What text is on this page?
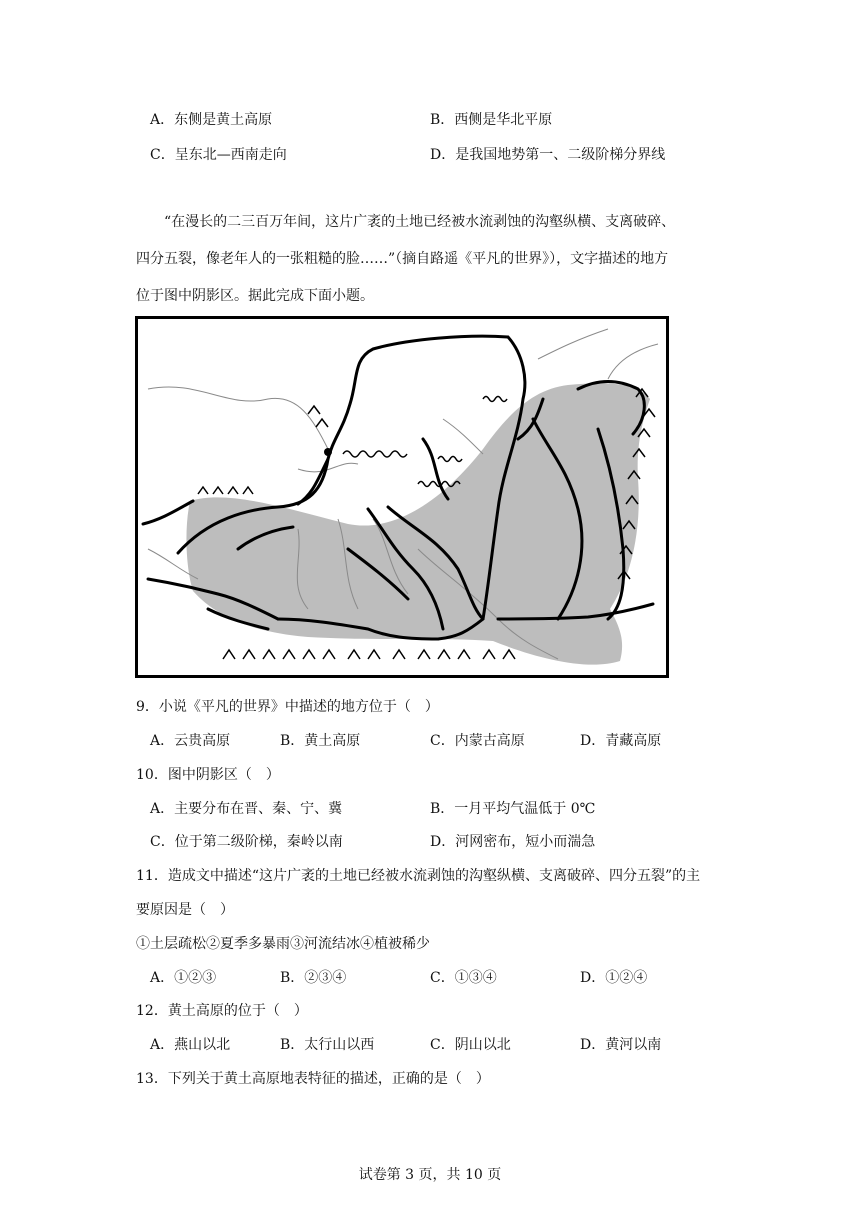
A．东侧是黄土高原	B．西侧是华北平原
C．呈东北—西南走向	D．是我国地势第一、二级阶梯分界线
“在漫长的二三百万年间，这片广袤的土地已经被水流剥蚀的沟壑纵横、支离破碎、
四分五裂，像老年人的一张粗糙的脸……”（摘自路遥《平凡的世界》），文字描述的地方
位于图中阴影区。据此完成下面小题。
9．小说《平凡的世界》中描述的地方位于（　）
A．云贵高原	B．黄土高原	C．内蒙古高原	D．青藏高原
10．图中阴影区（　）
A．主要分布在晋、秦、宁、冀	B．一月平均气温低于 0℃
C．位于第二级阶梯，秦岭以南	D．河网密布，短小而湍急
11．造成文中描述“这片广袤的土地已经被水流剥蚀的沟壑纵横、支离破碎、四分五裂”的主
要原因是（　）
①土层疏松②夏季多暴雨③河流结冰④植被稀少
A．①②③	B．②③④	C．①③④	D．①②④
12．黄土高原的位于（　）
A．燕山以北	B．太行山以西	C．阴山以北	D．黄河以南
13．下列关于黄土高原地表特征的描述，正确的是（　）
试卷第 3 页，共 10 页
